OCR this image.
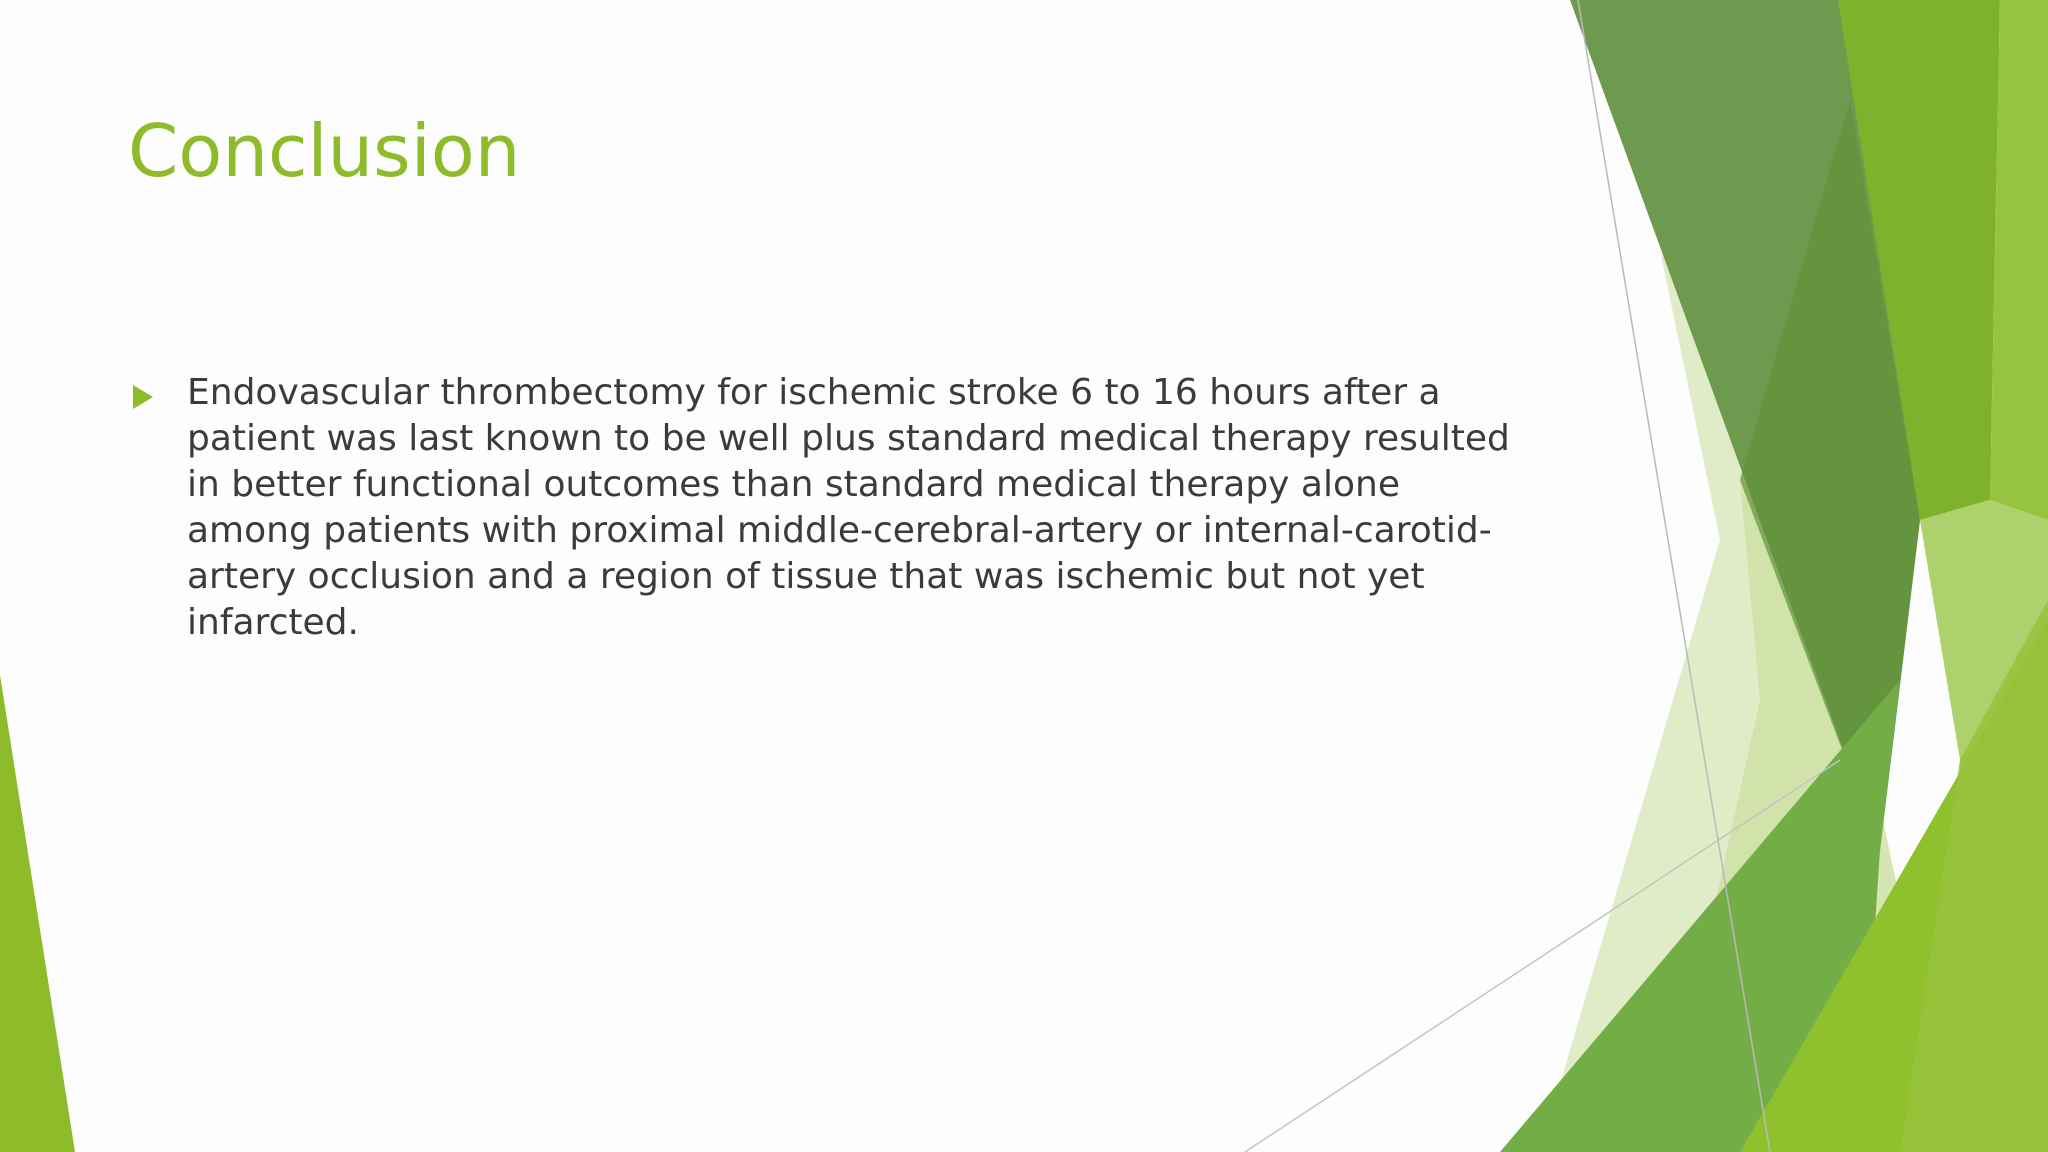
Conclusion
Endovascular thrombectomy for ischemic stroke 6 to 16 hours after a patient was last known to be well plus standard medical therapy resulted in better functional outcomes than standard medical therapy alone among patients with proximal middle-cerebral-artery or internal-carotid-artery occlusion and a region of tissue that was ischemic but not yet infarcted.
